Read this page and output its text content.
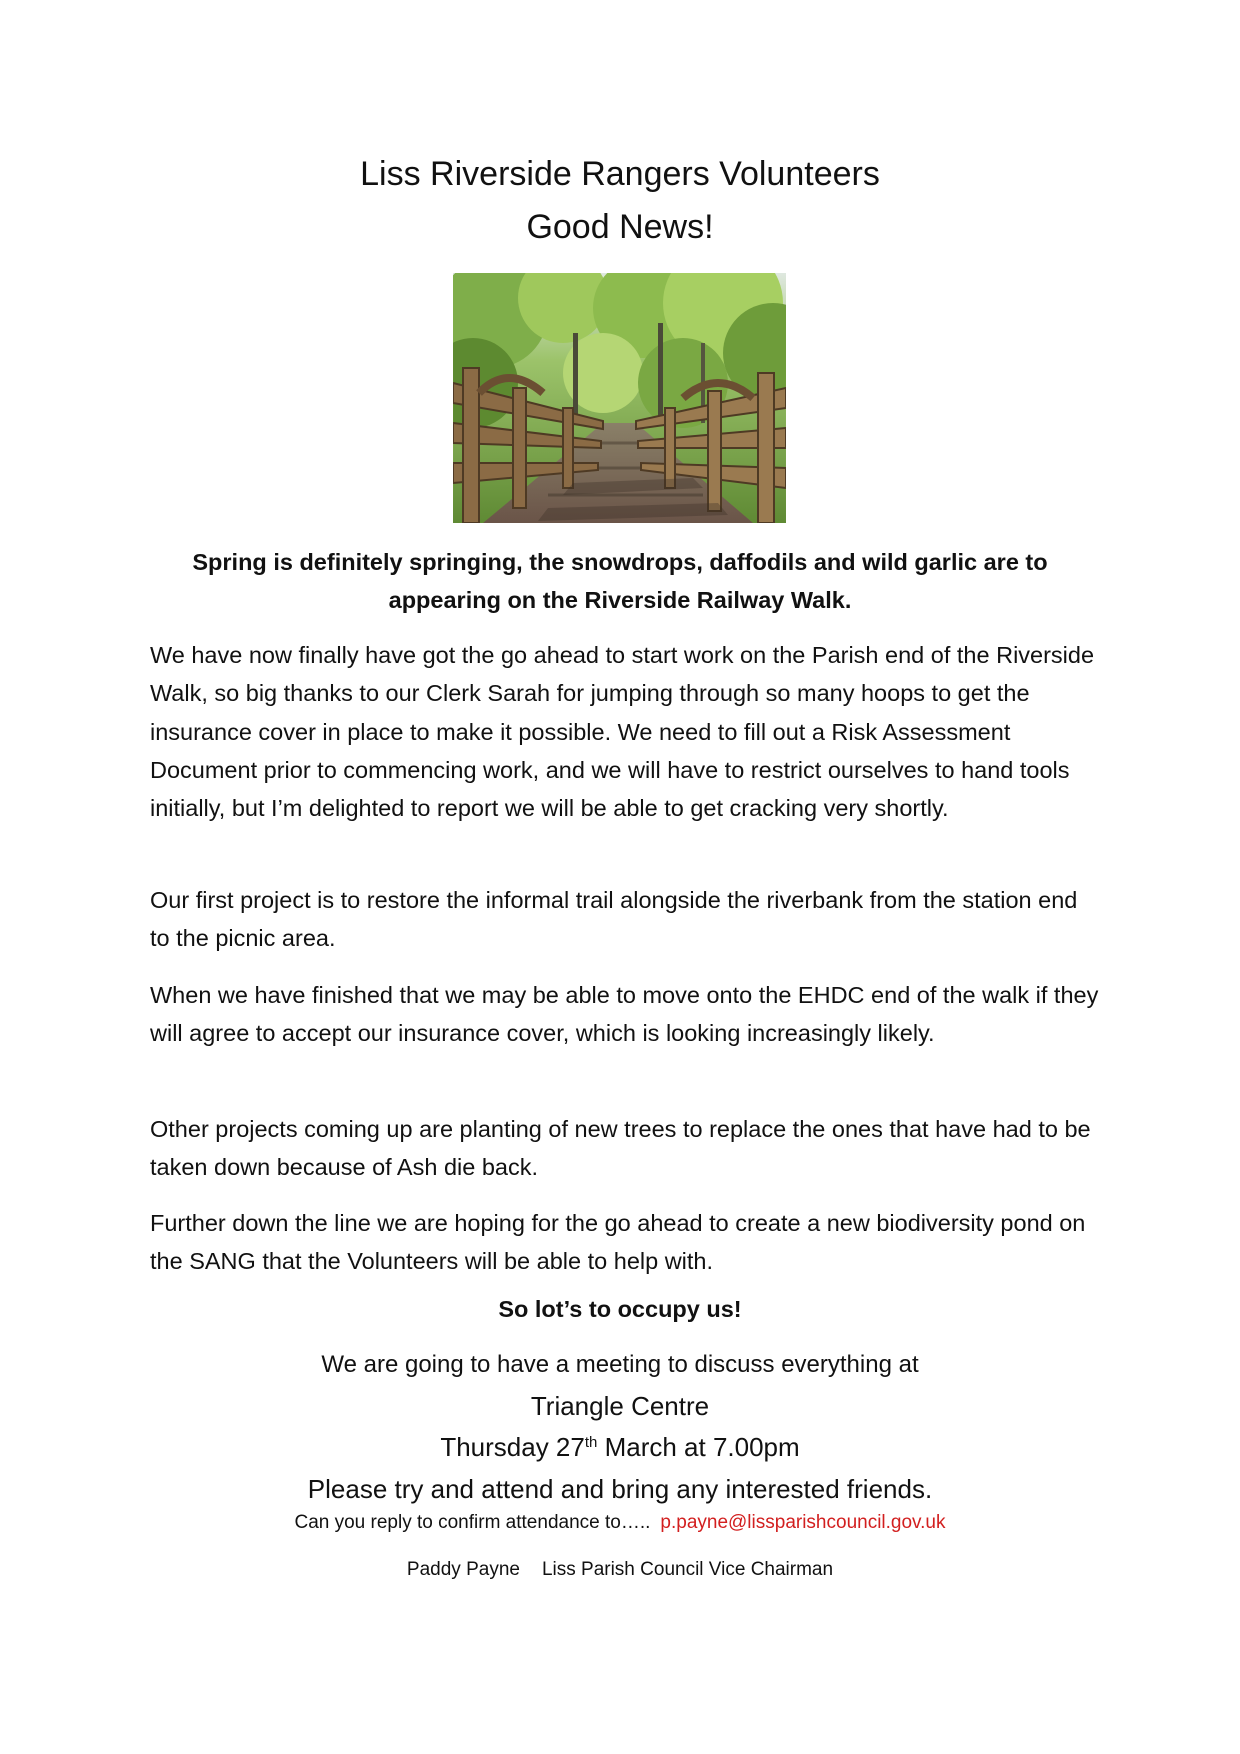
Liss Riverside Rangers Volunteers
Good News!
Spring is definitely springing, the snowdrops, daffodils and wild garlic are to appearing on the Riverside Railway Walk.

We have now finally have got the go ahead to start work on the Parish end of the Riverside Walk, so big thanks to our Clerk Sarah for jumping through so many hoops to get the insurance cover in place to make it possible. We need to fill out a Risk Assessment Document prior to commencing work, and we will have to restrict ourselves to hand tools initially, but I’m delighted to report we will be able to get cracking very shortly.

Our first project is to restore the informal trail alongside the riverbank from the station end to the picnic area.

When we have finished that we may be able to move onto the EHDC end of the walk if they will agree to accept our insurance cover, which is looking increasingly likely.

Other projects coming up are planting of new trees to replace the ones that have had to be taken down because of Ash die back.

Further down the line we are hoping for the go ahead to create a new biodiversity pond on the SANG that the Volunteers will be able to help with.

So lot’s to occupy us!
We are going to have a meeting to discuss everything at
Triangle Centre
Thursday 27th March at 7.00pm
Please try and attend and bring any interested friends.
Can you reply to confirm attendance to….. p.payne@lissparishcouncil.gov.uk
Paddy Payne Liss Parish Council Vice Chairman
